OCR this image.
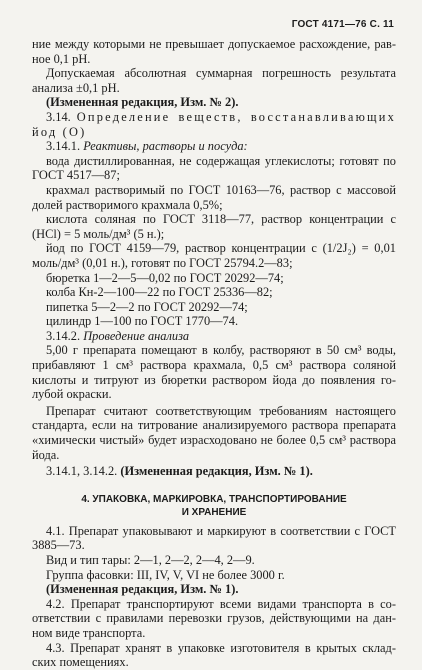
ГОСТ 4171—76 С. 11

ние между которыми не превышает допускаемое расхождение, равное 0,1 pH.

Допускаемая абсолютная суммарная погрешность результата анализа ±0,1 pH.

(Измененная редакция, Изм. № 2).

3.14. Определение веществ, восстанавливающих йод (О)

3.14.1. Реактивы, растворы и посуда:

вода дистиллированная, не содержащая углекислоты; готовят по ГОСТ 4517—87;

крахмал растворимый по ГОСТ 10163—76, раствор с массовой долей растворимого крахмала 0,5%;

кислота соляная по ГОСТ 3118—77, раствор концентрации c (HCl) = 5 моль/дм³ (5 н.);

йод по ГОСТ 4159—79, раствор концентрации c (1/2J₂) = 0,01 моль/дм³ (0,01 н.), готовят по ГОСТ 25794.2—83;

бюретка 1—2—5—0,02 по ГОСТ 20292—74;

колба Кн-2—100—22 по ГОСТ 25336—82;

пипетка 5—2—2 по ГОСТ 20292—74;

цилиндр 1—100 по ГОСТ 1770—74.

3.14.2. Проведение анализа

5,00 г препарата помещают в колбу, растворяют в 50 см³ воды, прибавляют 1 см³ раствора крахмала, 0,5 см³ раствора соляной кислоты и титруют из бюретки раствором йода до появления голубой окраски.

Препарат считают соответствующим требованиям настоящего стандарта, если на титрование анализируемого раствора препарата «химически чистый» будет израсходовано не более 0,5 см³ раствора йода.

3.14.1, 3.14.2. (Измененная редакция, Изм. № 1).

4. УПАКОВКА, МАРКИРОВКА, ТРАНСПОРТИРОВАНИЕ
И ХРАНЕНИЕ

4.1. Препарат упаковывают и маркируют в соответствии с ГОСТ 3885—73.

Вид и тип тары: 2—1, 2—2, 2—4, 2—9.

Группа фасовки: III, IV, V, VI не более 3000 г.

(Измененная редакция, Изм. № 1).

4.2. Препарат транспортируют всеми видами транспорта в соответствии с правилами перевозки грузов, действующими на данном виде транспорта.

4.3. Препарат хранят в упаковке изготовителя в крытых складских помещениях.
